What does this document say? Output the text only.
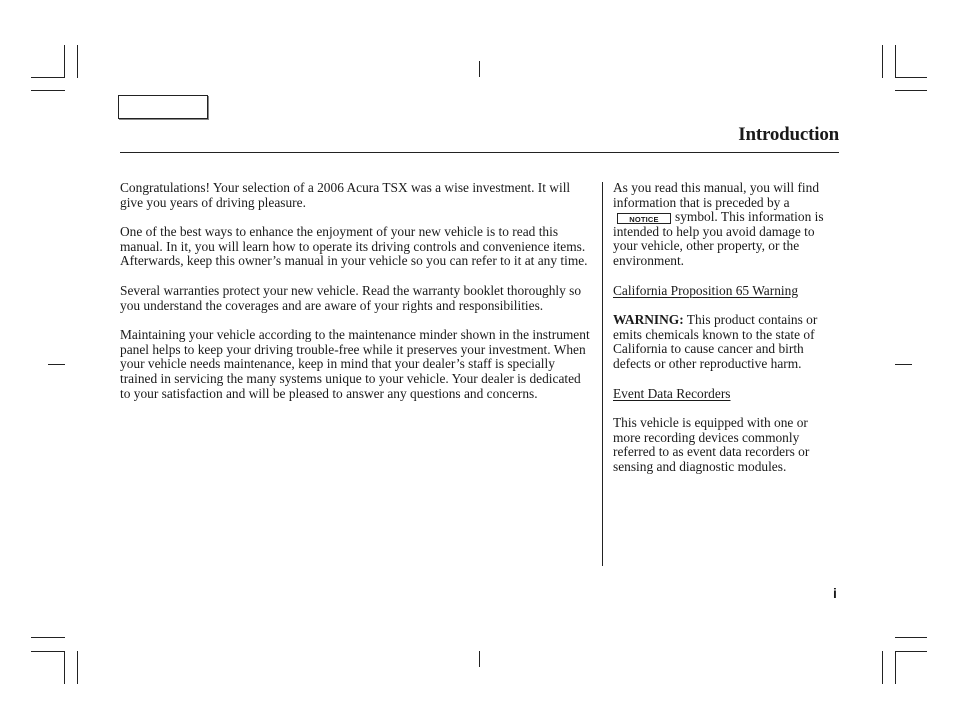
Introduction

Congratulations! Your selection of a 2006 Acura TSX was a wise investment. It will give you years of driving pleasure.

One of the best ways to enhance the enjoyment of your new vehicle is to read this manual. In it, you will learn how to operate its driving controls and convenience items. Afterwards, keep this owner’s manual in your vehicle so you can refer to it at any time.

Several warranties protect your new vehicle. Read the warranty booklet thoroughly so you understand the coverages and are aware of your rights and responsibilities.

Maintaining your vehicle according to the maintenance minder shown in the instrument panel helps to keep your driving trouble-free while it preserves your investment. When your vehicle needs maintenance, keep in mind that your dealer’s staff is specially trained in servicing the many systems unique to your vehicle. Your dealer is dedicated to your satisfaction and will be pleased to answer any questions and concerns.

As you read this manual, you will find information that is preceded by aNOTICE symbol. This information is intended to help you avoid damage to your vehicle, other property, or the environment.

California Proposition 65 Warning

WARNING: This product contains or emits chemicals known to the state of California to cause cancer and birth defects or other reproductive harm.

Event Data Recorders

This vehicle is equipped with one or more recording devices commonly referred to as event data recorders or sensing and diagnostic modules.

i
